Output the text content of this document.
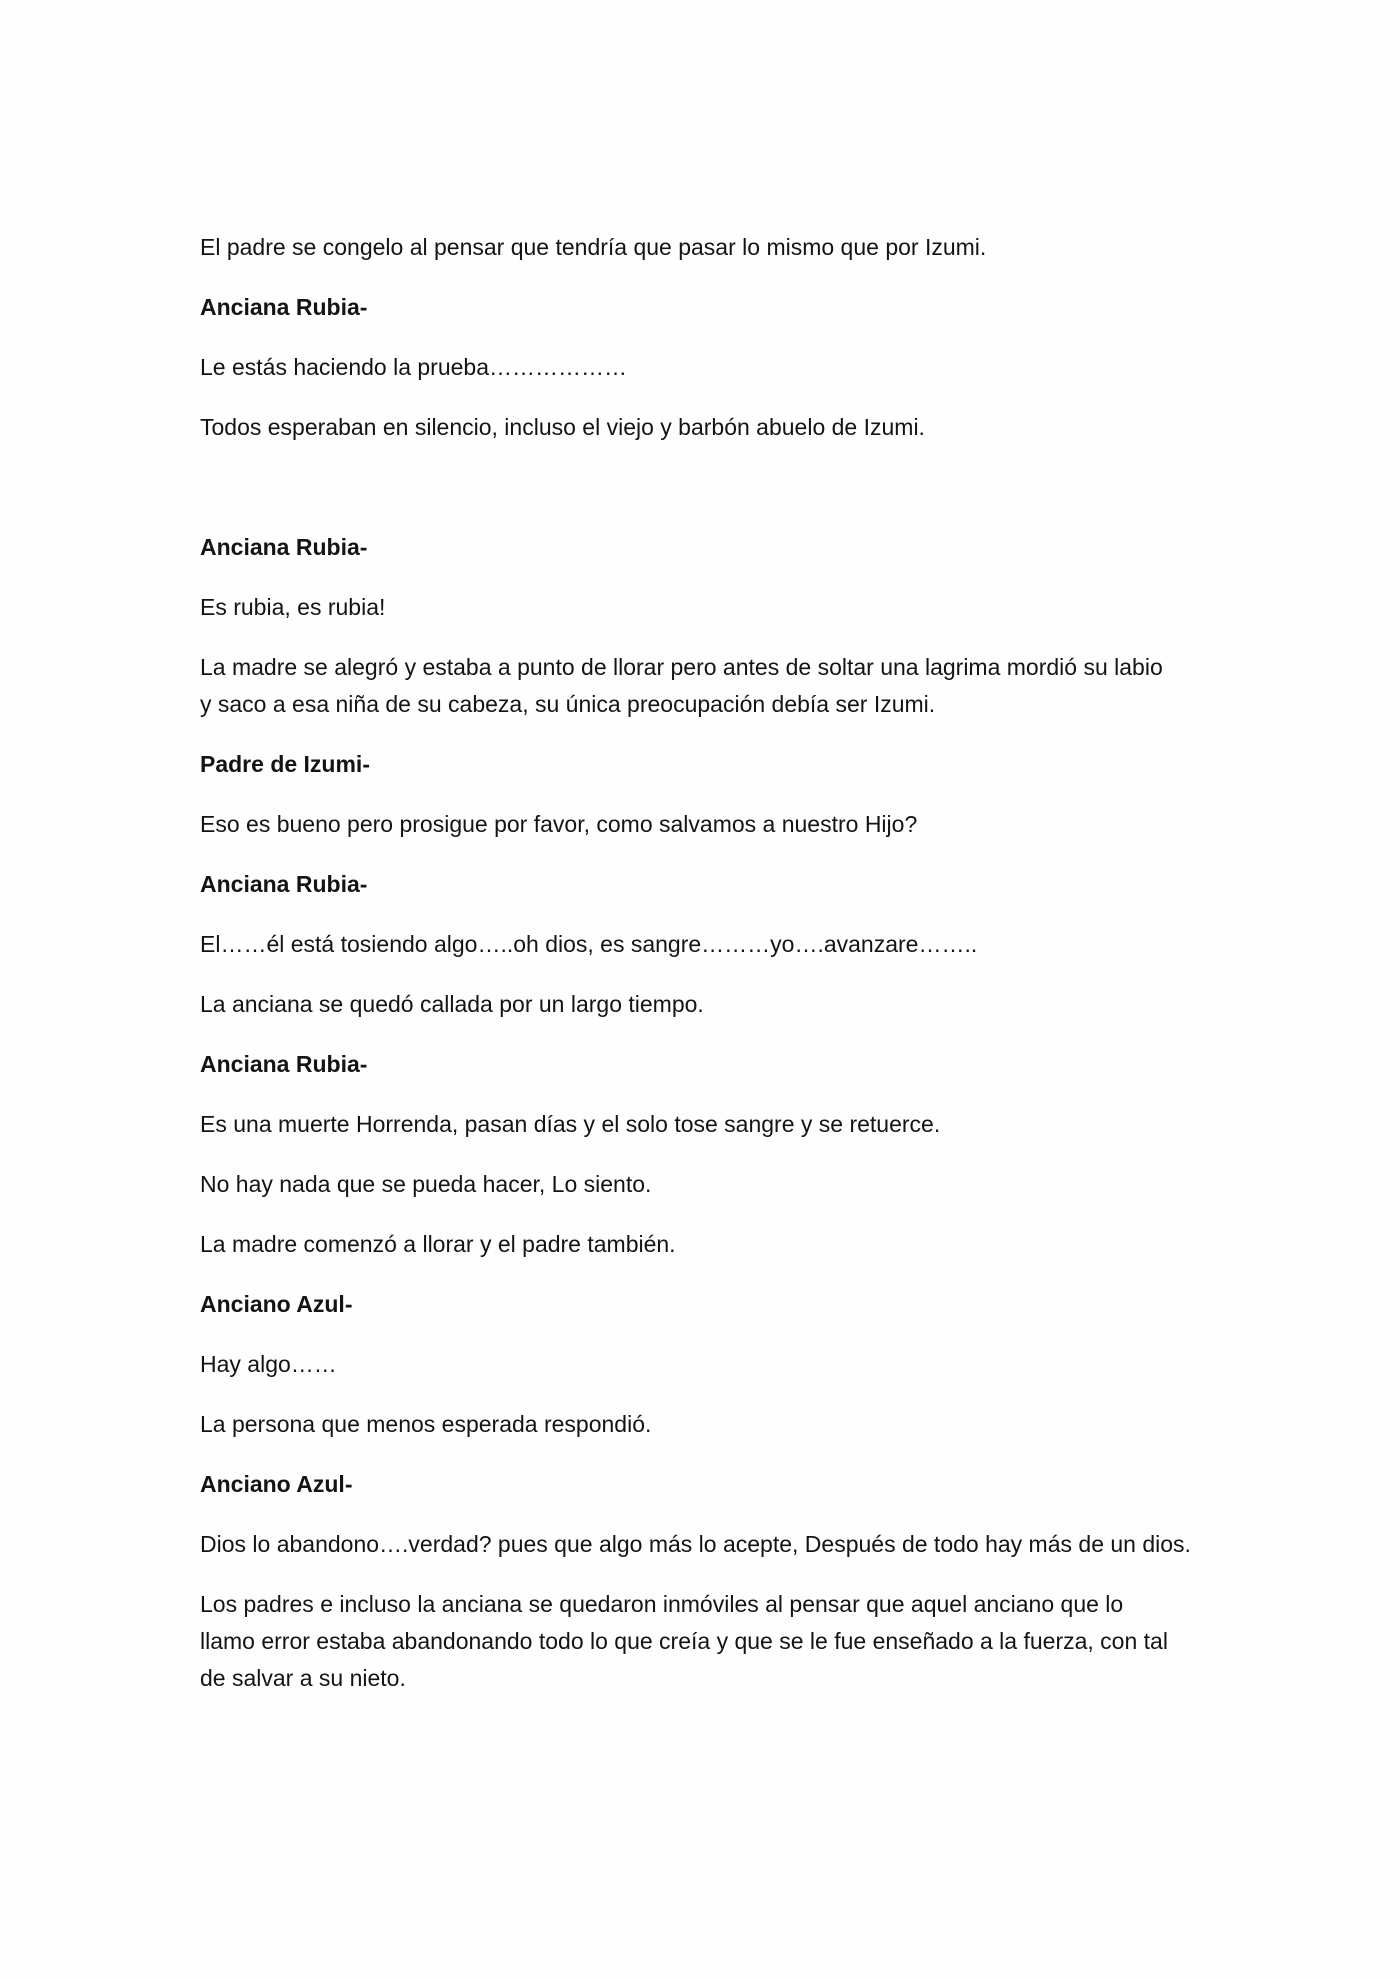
El padre se congelo al pensar que tendría que pasar lo mismo que por Izumi.

Anciana Rubia-

Le estás haciendo la prueba………………

Todos esperaban en silencio, incluso el viejo y barbón abuelo de Izumi.

Anciana Rubia-

Es rubia, es rubia!

La madre se alegró y estaba a punto de llorar pero antes de soltar una lagrima mordió su labio
y saco a esa niña de su cabeza, su única preocupación debía ser Izumi.

Padre de Izumi-

Eso es bueno pero prosigue por favor, como salvamos a nuestro Hijo?

Anciana Rubia-

El……él está tosiendo algo…..oh dios, es sangre………yo….avanzare……..

La anciana se quedó callada por un largo tiempo.

Anciana Rubia-

Es una muerte Horrenda, pasan días y el solo tose sangre y se retuerce.

No hay nada que se pueda hacer, Lo siento.

La madre comenzó a llorar y el padre también.

Anciano Azul-

Hay algo……

La persona que menos esperada respondió.

Anciano Azul-

Dios lo abandono….verdad? pues que algo más lo acepte, Después de todo hay más de un dios.

Los padres e incluso la anciana se quedaron inmóviles al pensar que aquel anciano que lo
llamo error estaba abandonando todo lo que creía y que se le fue enseñado a la fuerza, con tal
de salvar a su nieto.
